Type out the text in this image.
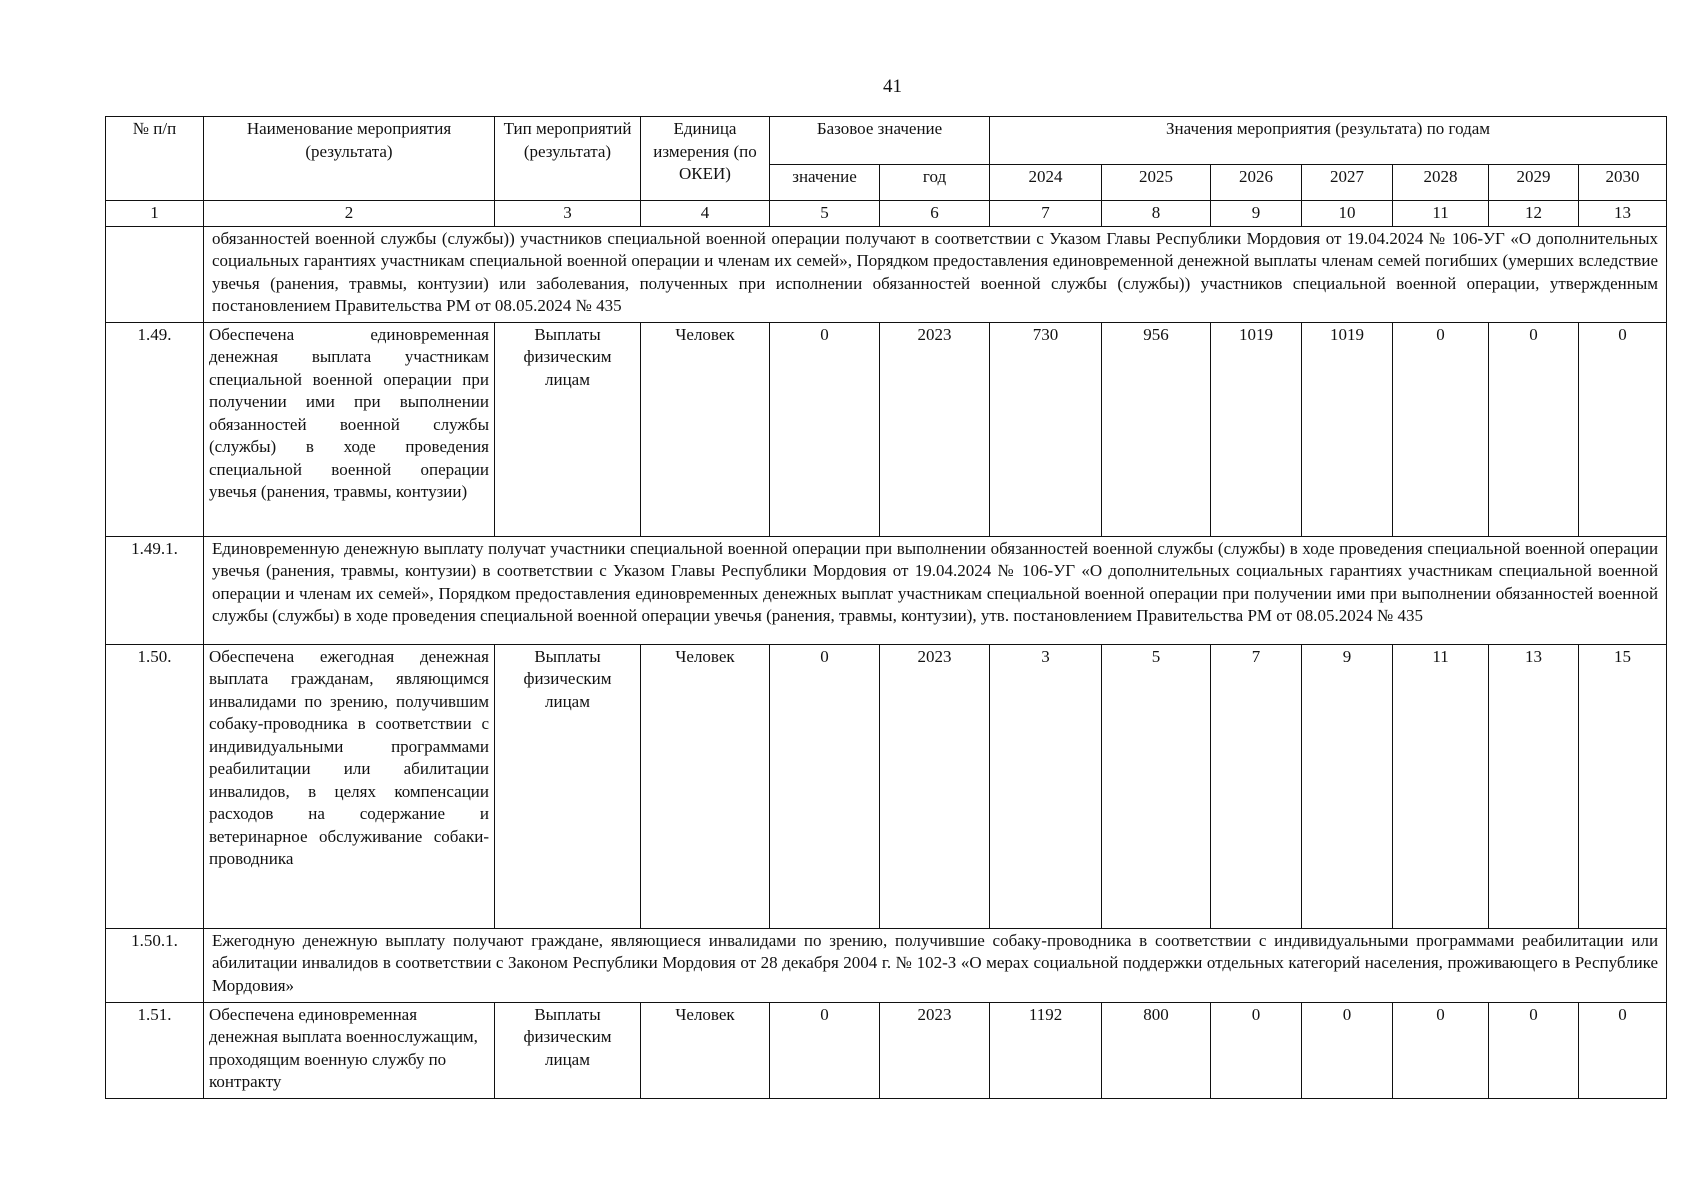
41
№ п/п	Наименование мероприятия (результата)	Тип мероприятий (результата)	Единица измерения (по ОКЕИ)	Базовое значение		Значения мероприятия (результата) по годам						
				значение	год	2024	2025	2026	2027	2028	2029	2030
1	2	3	4	5	6	7	8	9	10	11	12	13
	обязанностей военной службы (службы)) участников специальной военной операции получают в соответствии с Указом Главы Республики Мордовия от 19.04.2024 № 106-УГ «О дополнительных социальных гарантиях участникам специальной военной операции и членам их семей», Порядком предоставления единовременной денежной выплаты членам семей погибших (умерших вследствие увечья (ранения, травмы, контузии) или заболевания, полученных при исполнении обязанностей военной службы (службы)) участников специальной военной операции, утвержденным постановлением Правительства РМ от 08.05.2024 № 435											
1.49.	Обеспечена единовременная денежная выплата участникам специальной военной операции при получении ими при выполнении обязанностей военной службы (службы) в ходе проведения специальной военной операции увечья (ранения, травмы, контузии)	Выплаты физическим лицам	Человек	0	2023	730	956	1019	1019	0	0	0
1.49.1.	Единовременную денежную выплату получат участники специальной военной операции при выполнении обязанностей военной службы (службы) в ходе проведения специальной военной операции увечья (ранения, травмы, контузии) в соответствии с Указом Главы Республики Мордовия от 19.04.2024 № 106-УГ «О дополнительных социальных гарантиях участникам специальной военной операции и членам их семей», Порядком предоставления единовременных денежных выплат участникам специальной военной операции при получении ими при выполнении обязанностей военной службы (службы) в ходе проведения специальной военной операции увечья (ранения, травмы, контузии), утв. постановлением Правительства РМ от 08.05.2024 № 435											
1.50.	Обеспечена ежегодная денежная выплата гражданам, являющимся инвалидами по зрению, получившим собаку-проводника в соответствии с индивидуальными программами реабилитации или абилитации инвалидов, в целях компенсации расходов на содержание и ветеринарное обслуживание собаки-проводника	Выплаты физическим лицам	Человек	0	2023	3	5	7	9	11	13	15
1.50.1.	Ежегодную денежную выплату получают граждане, являющиеся инвалидами по зрению, получившие собаку-проводника в соответствии с индивидуальными программами реабилитации или абилитации инвалидов в соответствии с Законом Республики Мордовия от 28 декабря 2004 г. № 102-З «О мерах социальной поддержки отдельных категорий населения, проживающего в Республике Мордовия»											
1.51.	Обеспечена единовременная денежная выплата военнослужащим, проходящим военную службу по контракту	Выплаты физическим лицам	Человек	0	2023	1192	800	0	0	0	0	0
